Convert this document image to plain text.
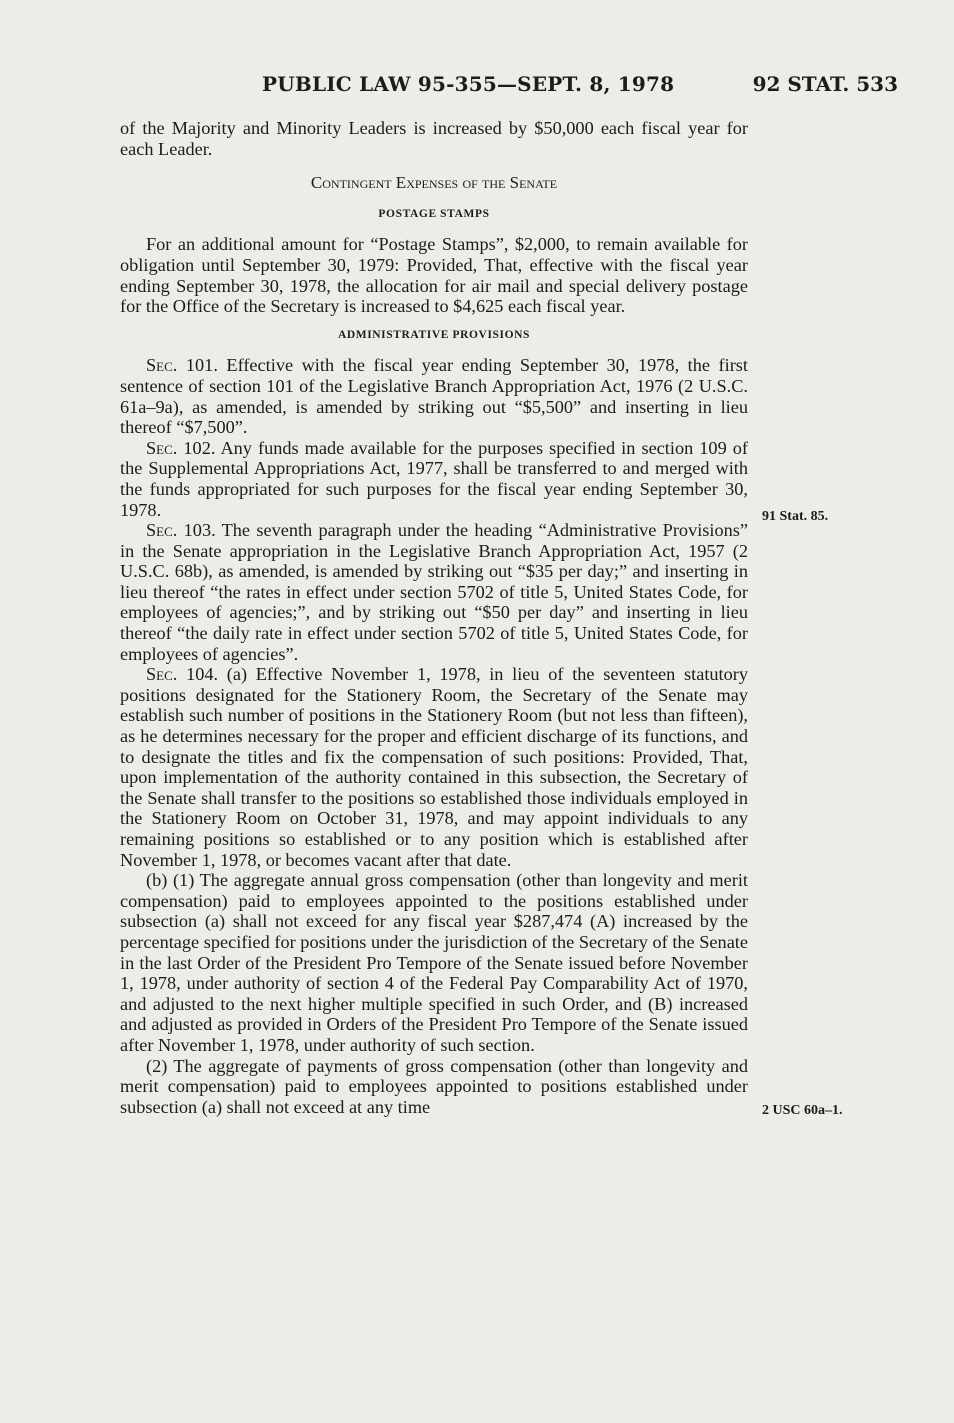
PUBLIC LAW 95-355—SEPT. 8, 1978	92 STAT. 533

of the Majority and Minority Leaders is increased by $50,000 each fiscal year for each Leader.

Contingent Expenses of the Senate

POSTAGE STAMPS

For an additional amount for “Postage Stamps”, $2,000, to remain available for obligation until September 30, 1979: Provided, That, effective with the fiscal year ending September 30, 1978, the allocation for air mail and special delivery postage for the Office of the Secretary is increased to $4,625 each fiscal year.

ADMINISTRATIVE PROVISIONS

Sec. 101. Effective with the fiscal year ending September 30, 1978, the first sentence of section 101 of the Legislative Branch Appropriation Act, 1976 (2 U.S.C. 61a–9a), as amended, is amended by striking out “$5,500” and inserting in lieu thereof “$7,500”.

Sec. 102. Any funds made available for the purposes specified in section 109 of the Supplemental Appropriations Act, 1977, shall be transferred to and merged with the funds appropriated for such purposes for the fiscal year ending September 30, 1978.

Sec. 103. The seventh paragraph under the heading “Administrative Provisions” in the Senate appropriation in the Legislative Branch Appropriation Act, 1957 (2 U.S.C. 68b), as amended, is amended by striking out “$35 per day;” and inserting in lieu thereof “the rates in effect under section 5702 of title 5, United States Code, for employees of agencies;”, and by striking out “$50 per day” and inserting in lieu thereof “the daily rate in effect under section 5702 of title 5, United States Code, for employees of agencies”.

Sec. 104. (a) Effective November 1, 1978, in lieu of the seventeen statutory positions designated for the Stationery Room, the Secretary of the Senate may establish such number of positions in the Stationery Room (but not less than fifteen), as he determines necessary for the proper and efficient discharge of its functions, and to designate the titles and fix the compensation of such positions: Provided, That, upon implementation of the authority contained in this subsection, the Secretary of the Senate shall transfer to the positions so established those individuals employed in the Stationery Room on October 31, 1978, and may appoint individuals to any remaining positions so established or to any position which is established after November 1, 1978, or becomes vacant after that date.

(b) (1) The aggregate annual gross compensation (other than longevity and merit compensation) paid to employees appointed to the positions established under subsection (a) shall not exceed for any fiscal year $287,474 (A) increased by the percentage specified for positions under the jurisdiction of the Secretary of the Senate in the last Order of the President Pro Tempore of the Senate issued before November 1, 1978, under authority of section 4 of the Federal Pay Comparability Act of 1970, and adjusted to the next higher multiple specified in such Order, and (B) increased and adjusted as provided in Orders of the President Pro Tempore of the Senate issued after November 1, 1978, under authority of such section.

(2) The aggregate of payments of gross compensation (other than longevity and merit compensation) paid to employees appointed to positions established under subsection (a) shall not exceed at any time

91 Stat. 85.
2 USC 60a–1.
